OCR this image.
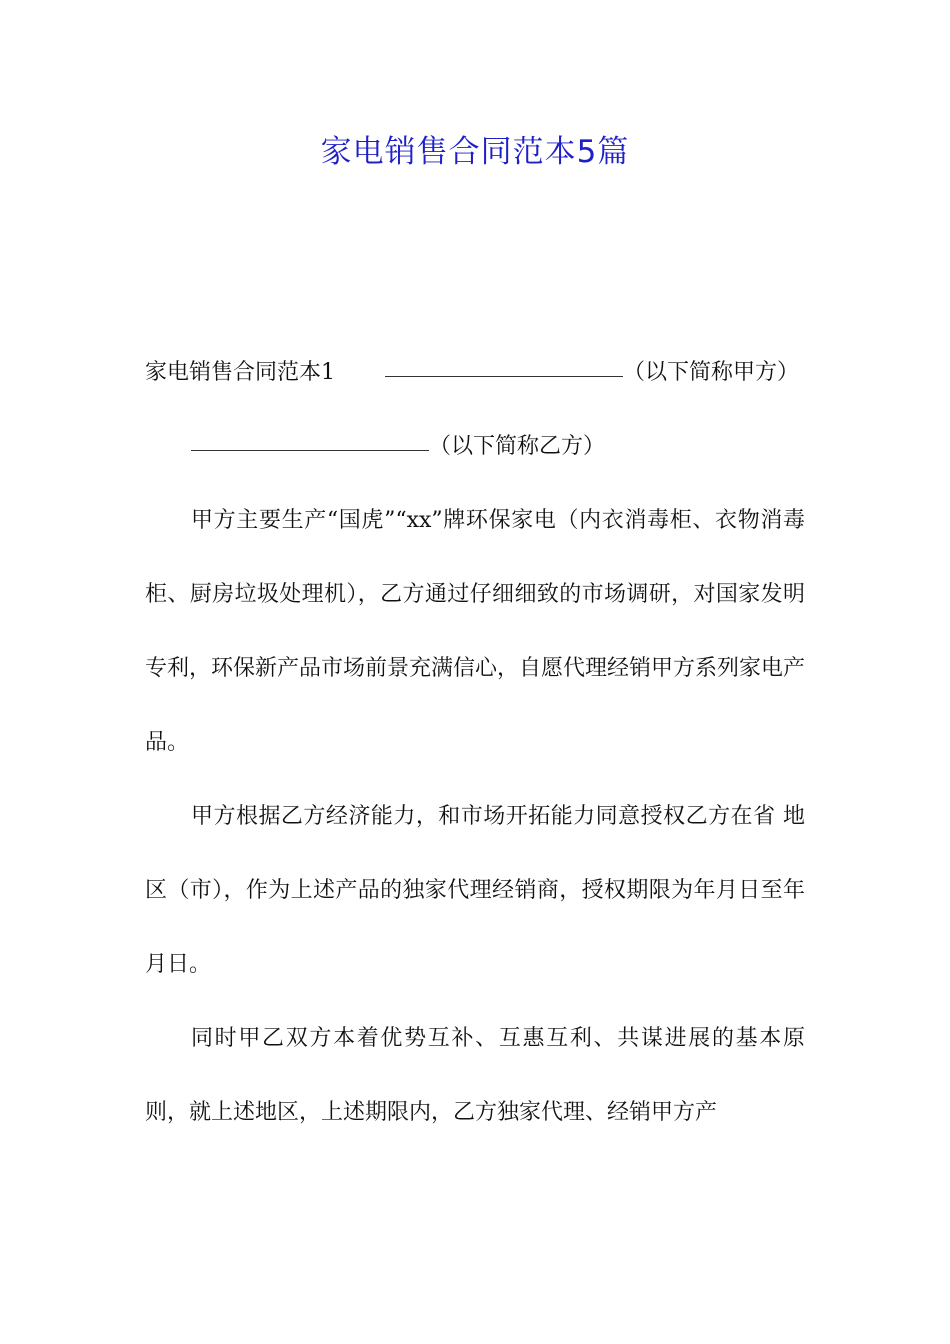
家电销售合同范本5篇

家电销售合同范本1	（以下简称甲方）

（以下简称乙方）

甲方主要生产“国虎”“xx”牌环保家电（内衣消毒柜、衣物消毒柜、厨房垃圾处理机），乙方通过仔细细致的市场调研，对国家发明专利，环保新产品市场前景充满信心，自愿代理经销甲方系列家电产品。

甲方根据乙方经济能力，和市场开拓能力同意授权乙方在省 地区（市），作为上述产品的独家代理经销商，授权期限为年月日至年月日。

同时甲乙双方本着优势互补、互惠互利、共谋进展的基本原则，就上述地区，上述期限内，乙方独家代理、经销甲方产
